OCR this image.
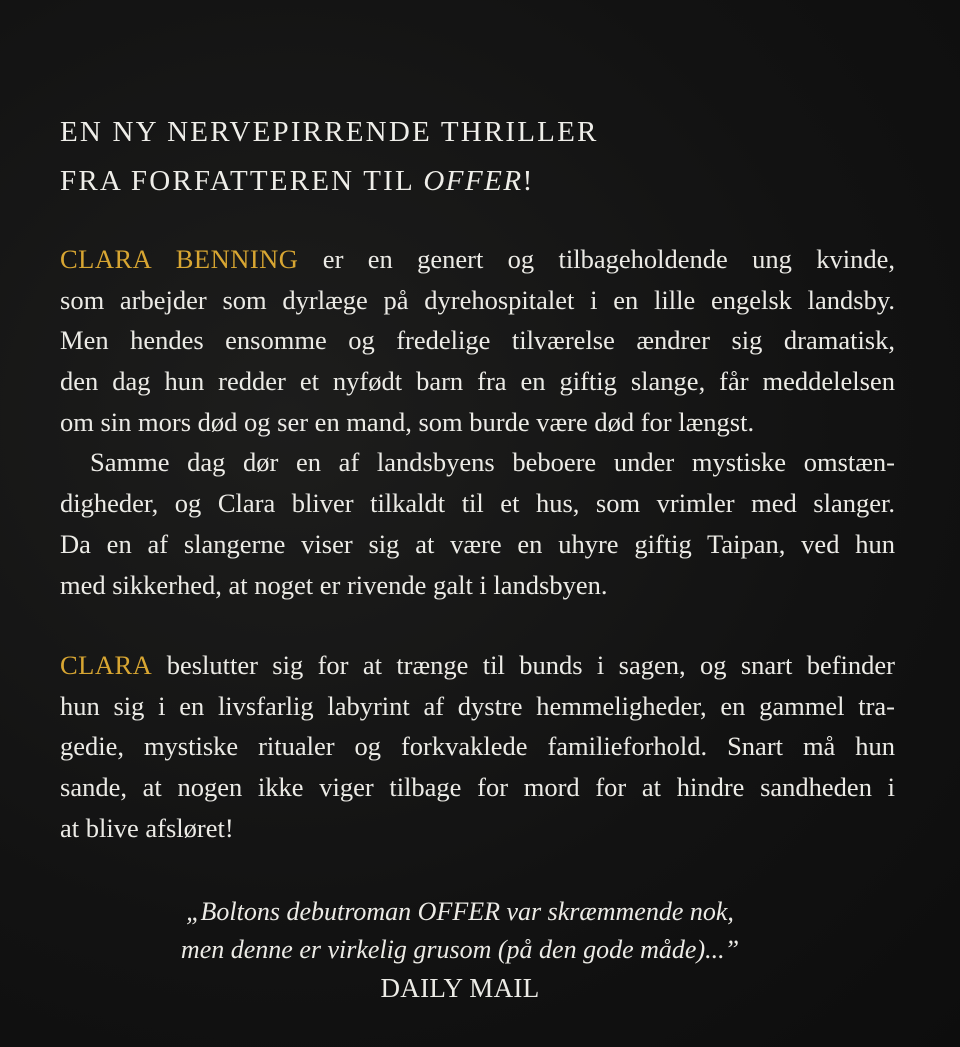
EN NY NERVEPIRRENDE THRILLER
FRA FORFATTEREN TIL OFFER!
CLARA BENNING er en genert og tilbageholdende ung kvinde,
som arbejder som dyrlæge på dyrehospitalet i en lille engelsk landsby.
Men hendes ensomme og fredelige tilværelse ændrer sig dramatisk,
den dag hun redder et nyfødt barn fra en giftig slange, får meddelelsen
om sin mors død og ser en mand, som burde være død for længst.
Samme dag dør en af landsbyens beboere under mystiske omstæn-
digheder, og Clara bliver tilkaldt til et hus, som vrimler med slanger.
Da en af slangerne viser sig at være en uhyre giftig Taipan, ved hun
med sikkerhed, at noget er rivende galt i landsbyen.
CLARA beslutter sig for at trænge til bunds i sagen, og snart befinder
hun sig i en livsfarlig labyrint af dystre hemmeligheder, en gammel tra-
gedie, mystiske ritualer og forkvaklede familieforhold. Snart må hun
sande, at nogen ikke viger tilbage for mord for at hindre sandheden i
at blive afsløret!
„Boltons debutroman OFFER var skræmmende nok,
men denne er virkelig grusom (på den gode måde)...”
DAILY MAIL
